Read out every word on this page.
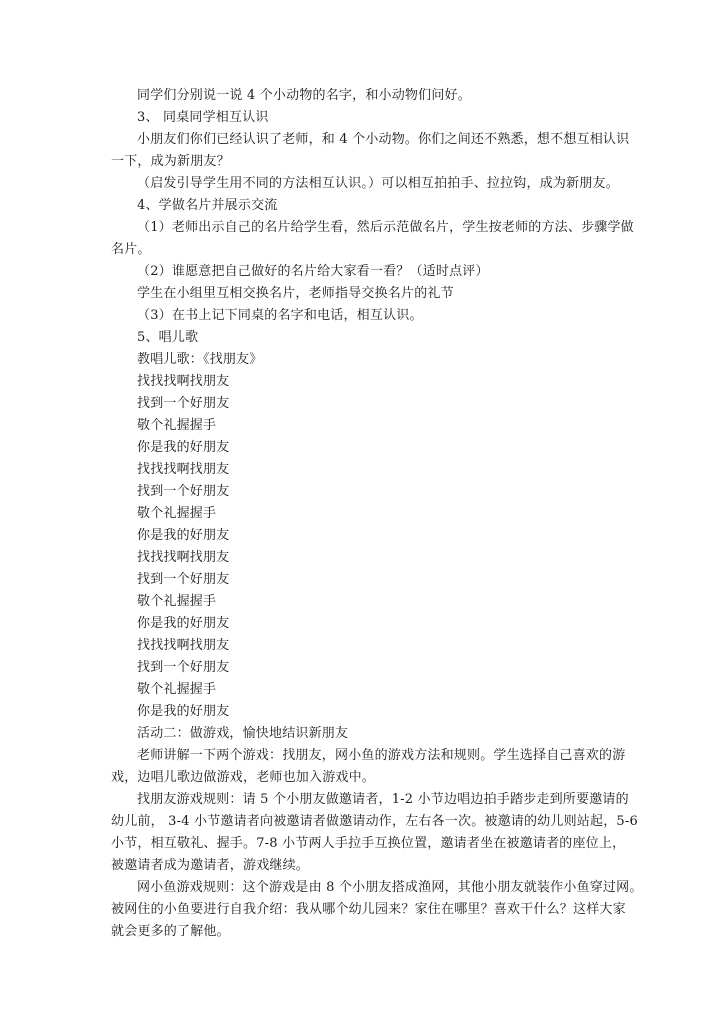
同学们分别说一说 4 个小动物的名字，和小动物们问好。
3、 同桌同学相互认识
小朋友们你们已经认识了老师，和 4 个小动物。你们之间还不熟悉，想不想互相认识
一下，成为新朋友？
（启发引导学生用不同的方法相互认识。）可以相互拍拍手、拉拉钩，成为新朋友。
4、学做名片并展示交流
（1）老师出示自己的名片给学生看，然后示范做名片，学生按老师的方法、步骤学做
名片。
（2）谁愿意把自己做好的名片给大家看一看？（适时点评）
学生在小组里互相交换名片，老师指导交换名片的礼节
（3）在书上记下同桌的名字和电话，相互认识。
5、唱儿歌
教唱儿歌：《找朋友》
找找找啊找朋友
找到一个好朋友
敬个礼握握手
你是我的好朋友
找找找啊找朋友
找到一个好朋友
敬个礼握握手
你是我的好朋友
找找找啊找朋友
找到一个好朋友
敬个礼握握手
你是我的好朋友
找找找啊找朋友
找到一个好朋友
敬个礼握握手
你是我的好朋友
活动二：做游戏，愉快地结识新朋友
老师讲解一下两个游戏：找朋友，网小鱼的游戏方法和规则。学生选择自己喜欢的游
戏，边唱儿歌边做游戏，老师也加入游戏中。
找朋友游戏规则：请 5 个小朋友做邀请者，1-2 小节边唱边拍手踏步走到所要邀请的
幼儿前， 3-4 小节邀请者向被邀请者做邀请动作，左右各一次。被邀请的幼儿则站起，5-6
小节，相互敬礼、握手。7-8 小节两人手拉手互换位置，邀请者坐在被邀请者的座位上，
被邀请者成为邀请者，游戏继续。
网小鱼游戏规则：这个游戏是由 8 个小朋友搭成渔网，其他小朋友就装作小鱼穿过网。
被网住的小鱼要进行自我介绍：我从哪个幼儿园来？家住在哪里？喜欢干什么？这样大家
就会更多的了解他。
